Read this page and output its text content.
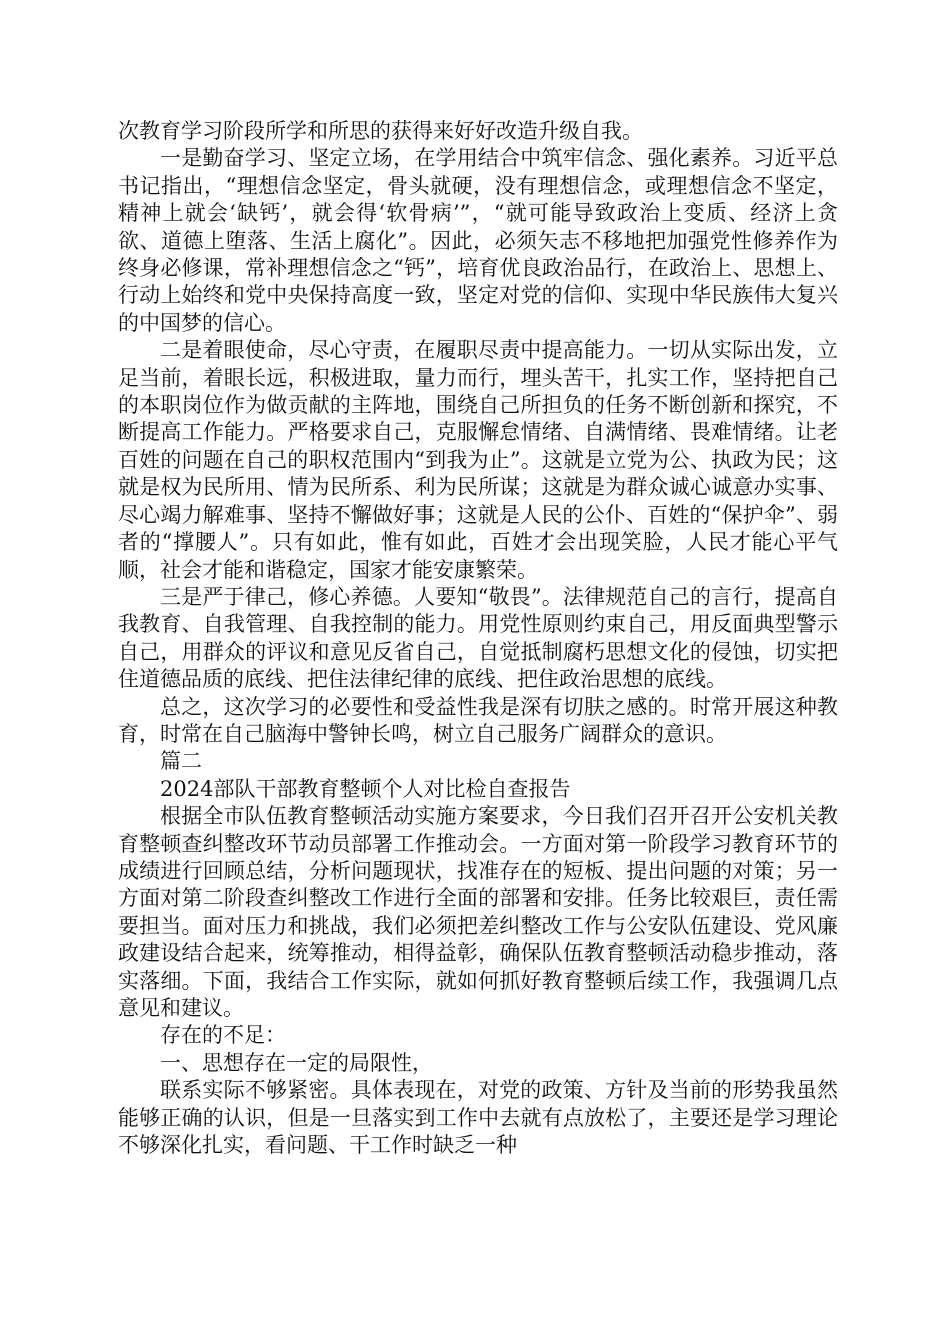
次教育学习阶段所学和所思的获得来好好改造升级自我。

一是勤奋学习、坚定立场，在学用结合中筑牢信念、强化素养。习近平总书记指出，“理想信念坚定，骨头就硬，没有理想信念，或理想信念不坚定，精神上就会‘缺钙’，就会得‘软骨病’”，“就可能导致政治上变质、经济上贪欲、道德上堕落、生活上腐化”。因此，必须矢志不移地把加强党性修养作为终身必修课，常补理想信念之“钙”，培育优良政治品行，在政治上、思想上、行动上始终和党中央保持高度一致，坚定对党的信仰、实现中华民族伟大复兴的中国梦的信心。

二是着眼使命，尽心守责，在履职尽责中提高能力。一切从实际出发，立足当前，着眼长远，积极进取，量力而行，埋头苦干，扎实工作，坚持把自己的本职岗位作为做贡献的主阵地，围绕自己所担负的任务不断创新和探究，不断提高工作能力。严格要求自己，克服懈怠情绪、自满情绪、畏难情绪。让老百姓的问题在自己的职权范围内“到我为止”。这就是立党为公、执政为民；这就是权为民所用、情为民所系、利为民所谋；这就是为群众诚心诚意办实事、尽心竭力解难事、坚持不懈做好事；这就是人民的公仆、百姓的“保护伞”、弱者的“撑腰人”。只有如此，惟有如此，百姓才会出现笑脸，人民才能心平气顺，社会才能和谐稳定，国家才能安康繁荣。

三是严于律己，修心养德。人要知“敬畏”。法律规范自己的言行，提高自我教育、自我管理、自我控制的能力。用党性原则约束自己，用反面典型警示自己，用群众的评议和意见反省自己，自觉抵制腐朽思想文化的侵蚀，切实把住道德品质的底线、把住法律纪律的底线、把住政治思想的底线。

总之，这次学习的必要性和受益性我是深有切肤之感的。时常开展这种教育，时常在自己脑海中警钟长鸣，树立自己服务广阔群众的意识。

篇二

2024部队干部教育整顿个人对比检自查报告

根据全市队伍教育整顿活动实施方案要求，今日我们召开召开公安机关教育整顿查纠整改环节动员部署工作推动会。一方面对第一阶段学习教育环节的成绩进行回顾总结，分析问题现状，找准存在的短板、提出问题的对策；另一方面对第二阶段查纠整改工作进行全面的部署和安排。任务比较艰巨，责任需要担当。面对压力和挑战，我们必须把差纠整改工作与公安队伍建设、党风廉政建设结合起来，统筹推动，相得益彰，确保队伍教育整顿活动稳步推动，落实落细。下面，我结合工作实际，就如何抓好教育整顿后续工作，我强调几点意见和建议。

存在的不足：

一、思想存在一定的局限性，

联系实际不够紧密。具体表现在，对党的政策、方针及当前的形势我虽然能够正确的认识，但是一旦落实到工作中去就有点放松了，主要还是学习理论不够深化扎实，看问题、干工作时缺乏一种
